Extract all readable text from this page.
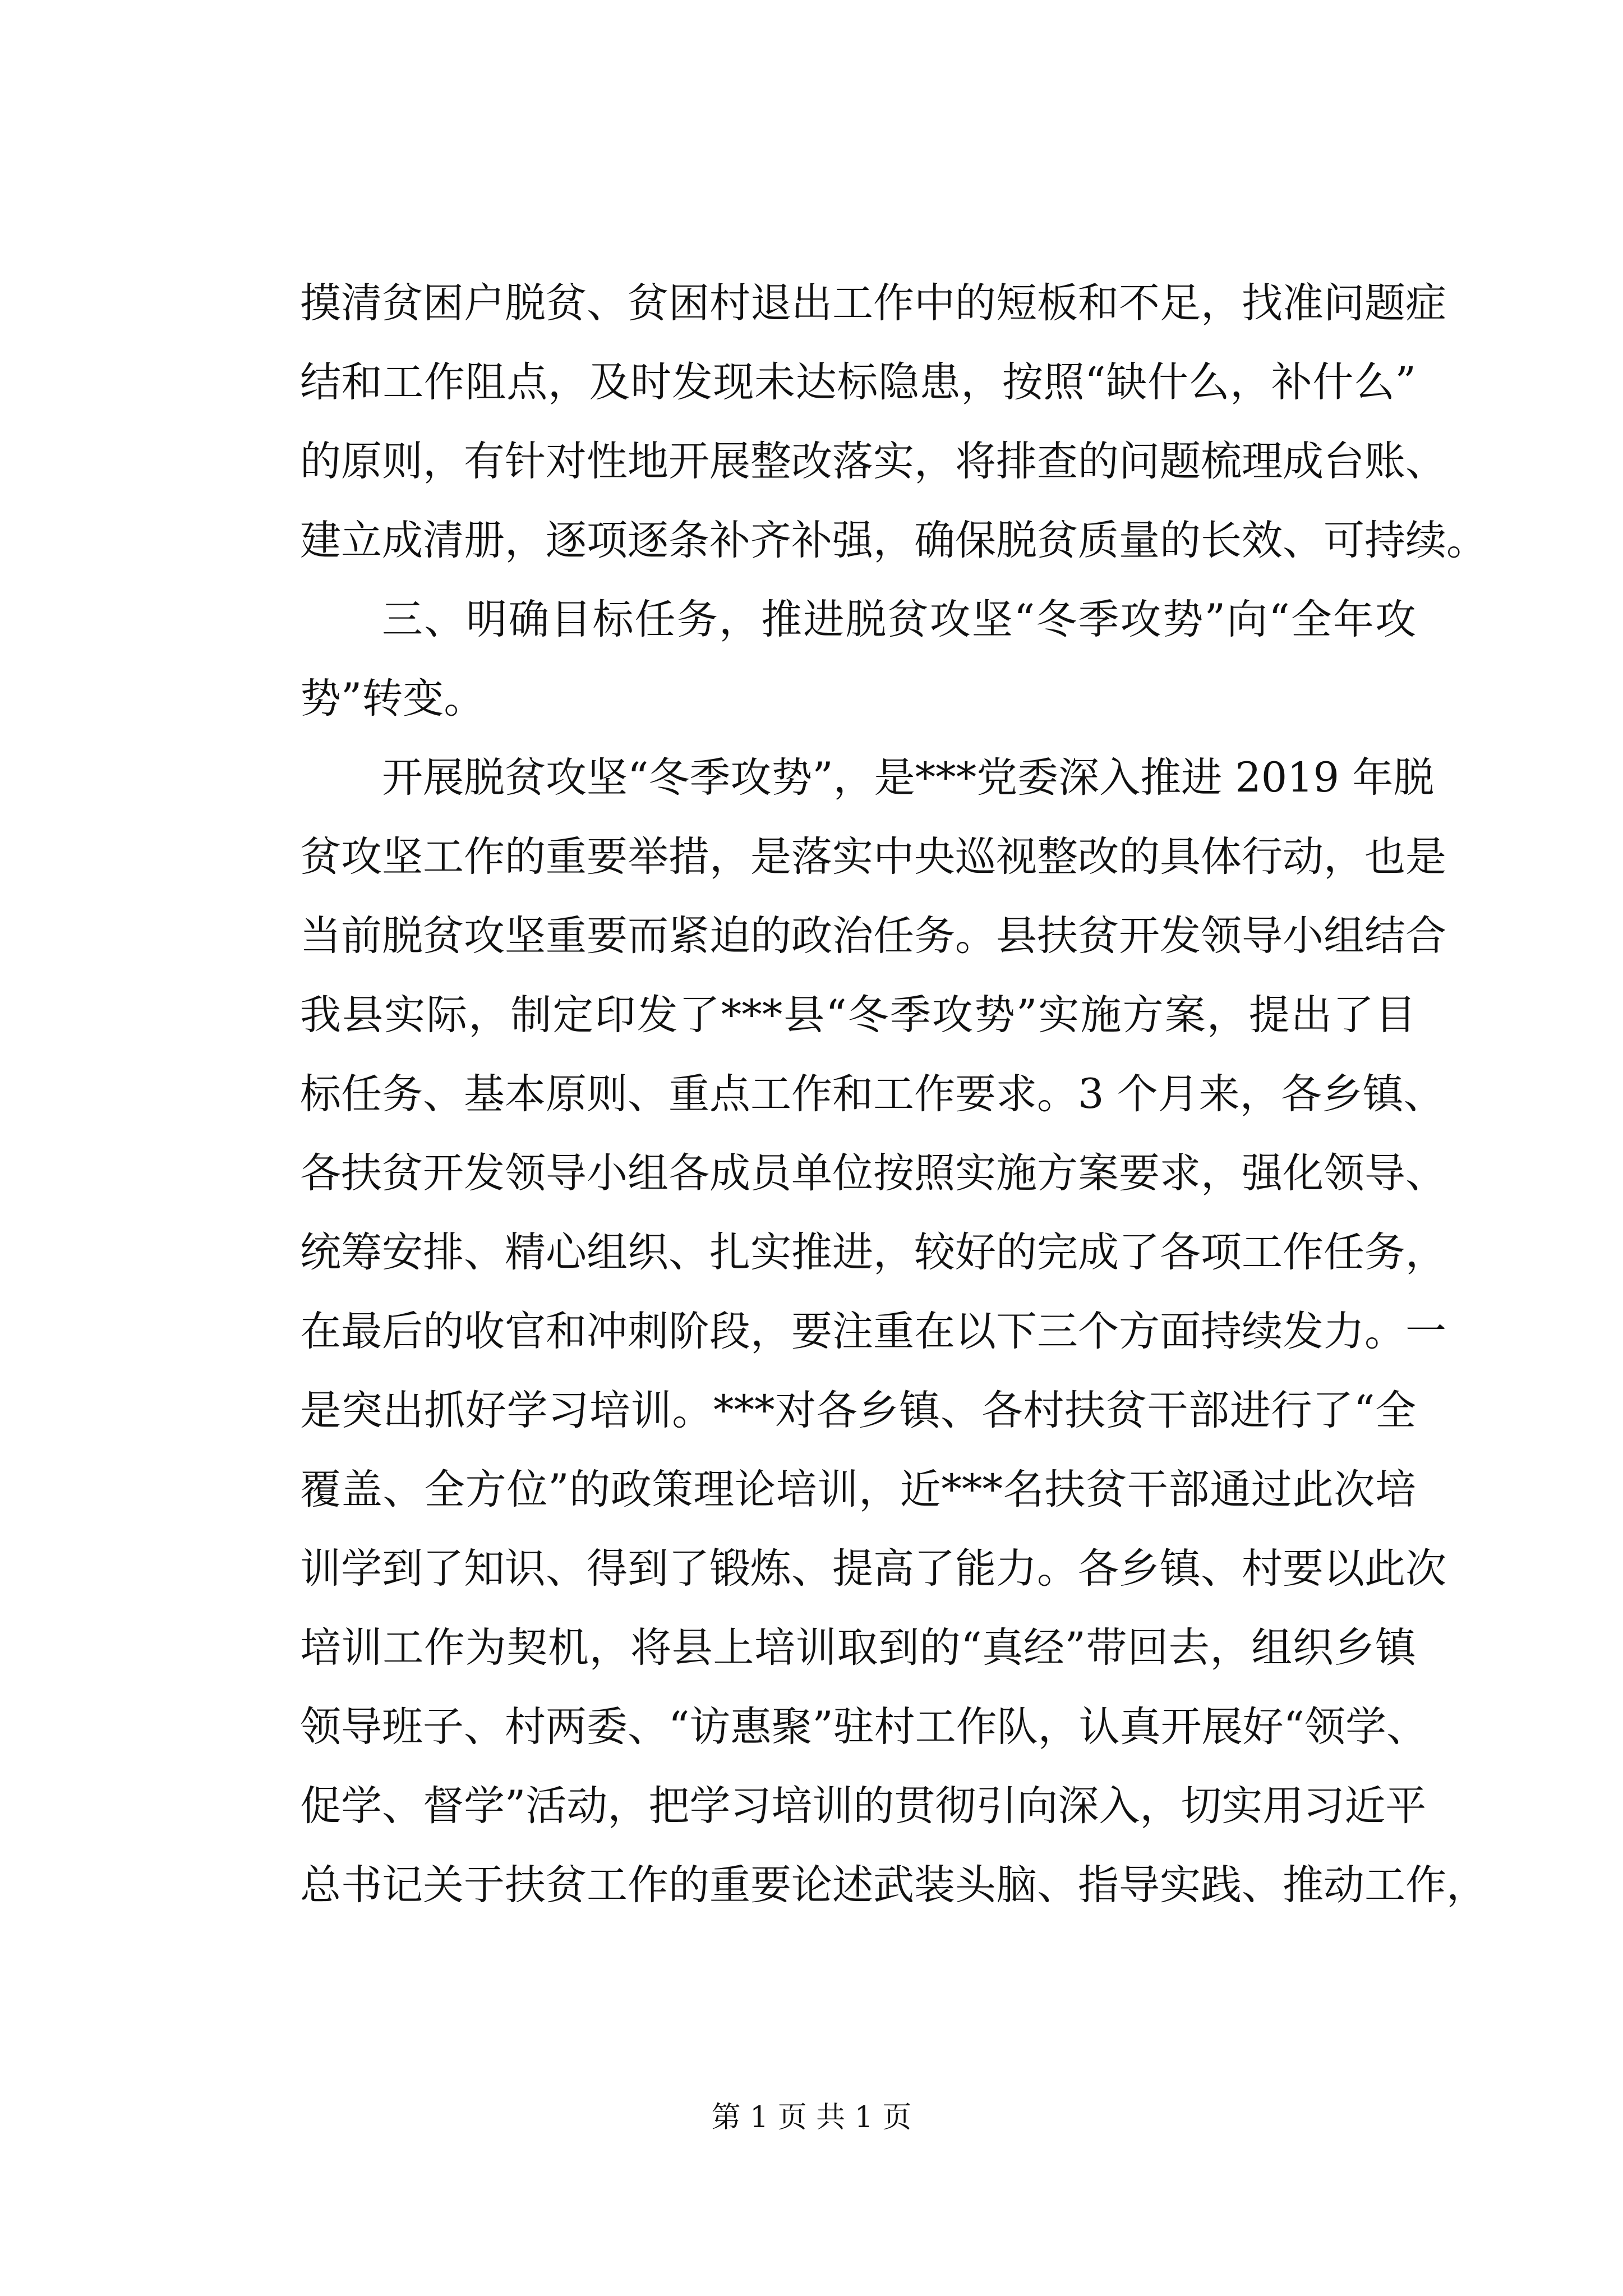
摸清贫困户脱贫、贫困村退出工作中的短板和不足，找准问题症
结和工作阻点，及时发现未达标隐患，按照“缺什么，补什么”
的原则，有针对性地开展整改落实，将排查的问题梳理成台账、
建立成清册，逐项逐条补齐补强，确保脱贫质量的长效、可持续。
三、明确目标任务，推进脱贫攻坚“冬季攻势”向“全年攻
势”转变。
开展脱贫攻坚“冬季攻势”，是***党委深入推进 2019 年脱
贫攻坚工作的重要举措，是落实中央巡视整改的具体行动，也是
当前脱贫攻坚重要而紧迫的政治任务。县扶贫开发领导小组结合
我县实际，制定印发了***县“冬季攻势”实施方案，提出了目
标任务、基本原则、重点工作和工作要求。3 个月来，各乡镇、
各扶贫开发领导小组各成员单位按照实施方案要求，强化领导、
统筹安排、精心组织、扎实推进，较好的完成了各项工作任务，
在最后的收官和冲刺阶段，要注重在以下三个方面持续发力。一
是突出抓好学习培训。***对各乡镇、各村扶贫干部进行了“全
覆盖、全方位”的政策理论培训，近***名扶贫干部通过此次培
训学到了知识、得到了锻炼、提高了能力。各乡镇、村要以此次
培训工作为契机，将县上培训取到的“真经”带回去，组织乡镇
领导班子、村两委、“访惠聚”驻村工作队，认真开展好“领学、
促学、督学”活动，把学习培训的贯彻引向深入，切实用习近平
总书记关于扶贫工作的重要论述武装头脑、指导实践、推动工作，
第 1 页 共 1 页
